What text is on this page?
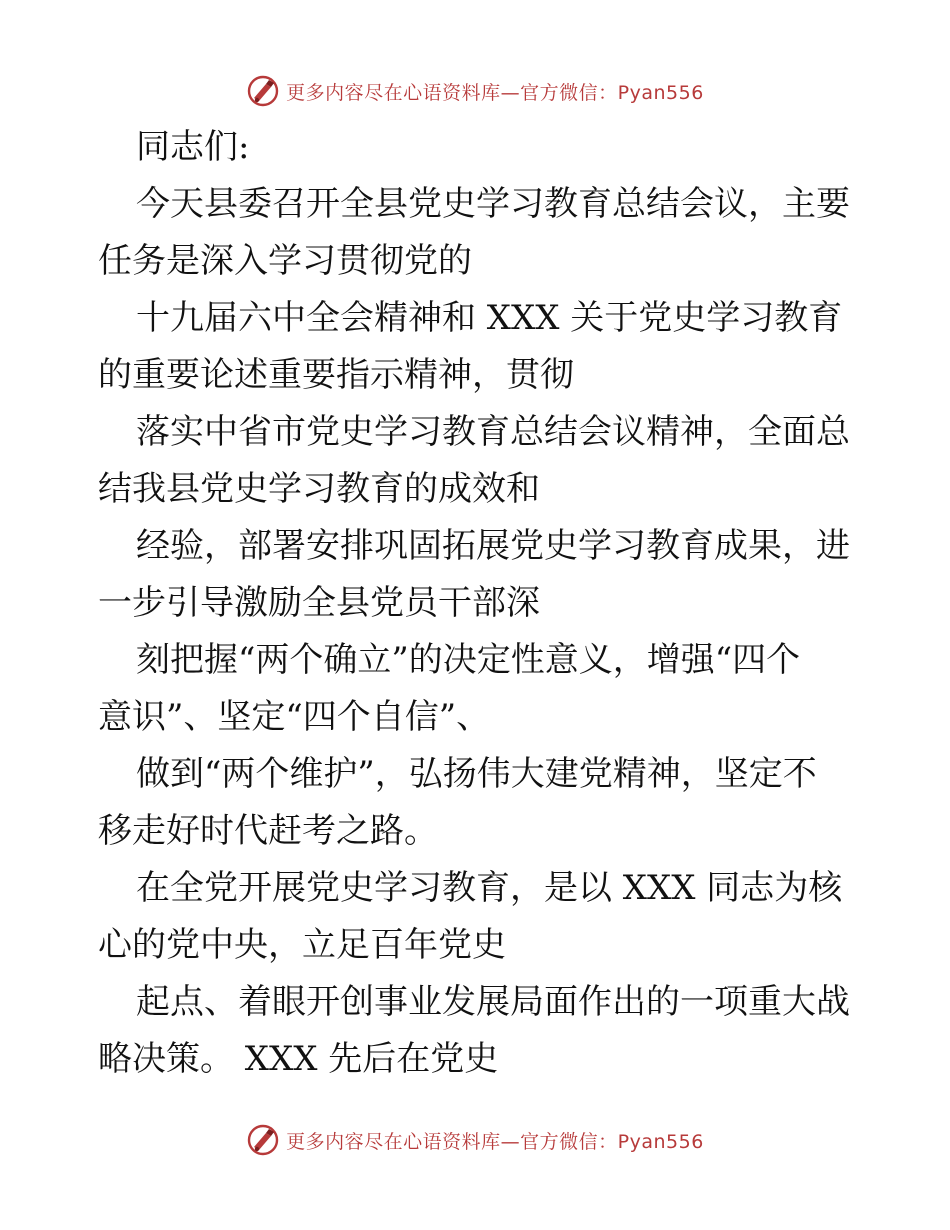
更多内容尽在心语资料库—官方微信：Pyan556
同志们:
今天县委召开全县党史学习教育总结会议，主要
任务是深入学习贯彻党的
十九届六中全会精神和 XXX 关于党史学习教育
的重要论述重要指示精神，贯彻
落实中省市党史学习教育总结会议精神，全面总
结我县党史学习教育的成效和
经验，部署安排巩固拓展党史学习教育成果，进
一步引导激励全县党员干部深
刻把握“两个确立”的决定性意义，增强“四个
意识”、坚定“四个自信”、
做到“两个维护”，弘扬伟大建党精神，坚定不
移走好时代赶考之路。
在全党开展党史学习教育，是以 XXX 同志为核
心的党中央，立足百年党史
起点、着眼开创事业发展局面作出的一项重大战
略决策。 XXX 先后在党史
更多内容尽在心语资料库—官方微信：Pyan556
